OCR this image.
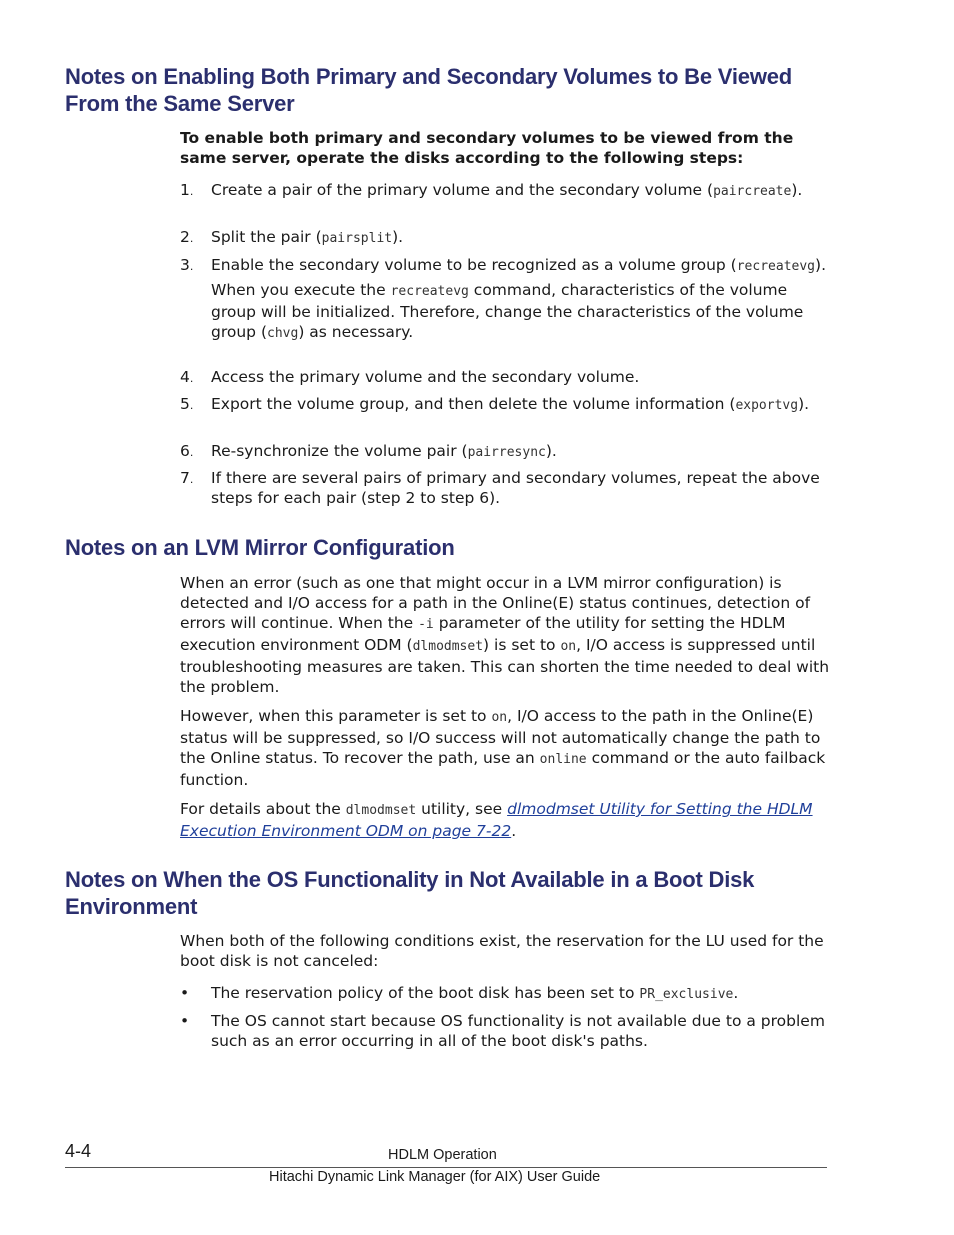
Notes on Enabling Both Primary and Secondary Volumes to Be Viewed From the Same Server

To enable both primary and secondary volumes to be viewed from the same server, operate the disks according to the following steps:

1.	Create a pair of the primary volume and the secondary volume (paircreate).
2.	Split the pair (pairsplit).
3.	Enable the secondary volume to be recognized as a volume group (recreatevg).
When you execute the recreatevg command, characteristics of the volume group will be initialized. Therefore, change the characteristics of the volume group (chvg) as necessary.
4.	Access the primary volume and the secondary volume.
5.	Export the volume group, and then delete the volume information (exportvg).
6.	Re-synchronize the volume pair (pairresync).
7.	If there are several pairs of primary and secondary volumes, repeat the above steps for each pair (step 2 to step 6).
Notes on an LVM Mirror Configuration

When an error (such as one that might occur in a LVM mirror configuration) is detected and I/O access for a path in the Online(E) status continues, detection of errors will continue. When the -i parameter of the utility for setting the HDLM execution environment ODM (dlmodmset) is set to on, I/O access is suppressed until troubleshooting measures are taken. This can shorten the time needed to deal with the problem.

However, when this parameter is set to on, I/O access to the path in the Online(E) status will be suppressed, so I/O success will not automatically change the path to the Online status. To recover the path, use an online command or the auto failback function.

For details about the dlmodmset utility, see dlmodmset Utility for Setting the HDLM Execution Environment ODM on page 7-22.

Notes on When the OS Functionality in Not Available in a Boot Disk Environment

When both of the following conditions exist, the reservation for the LU used for the boot disk is not canceled:

• The reservation policy of the boot disk has been set to PR_exclusive.
• The OS cannot start because OS functionality is not available due to a problem such as an error occurring in all of the boot disk's paths.
4-4	HDLM Operation
Hitachi Dynamic Link Manager (for AIX) User Guide
